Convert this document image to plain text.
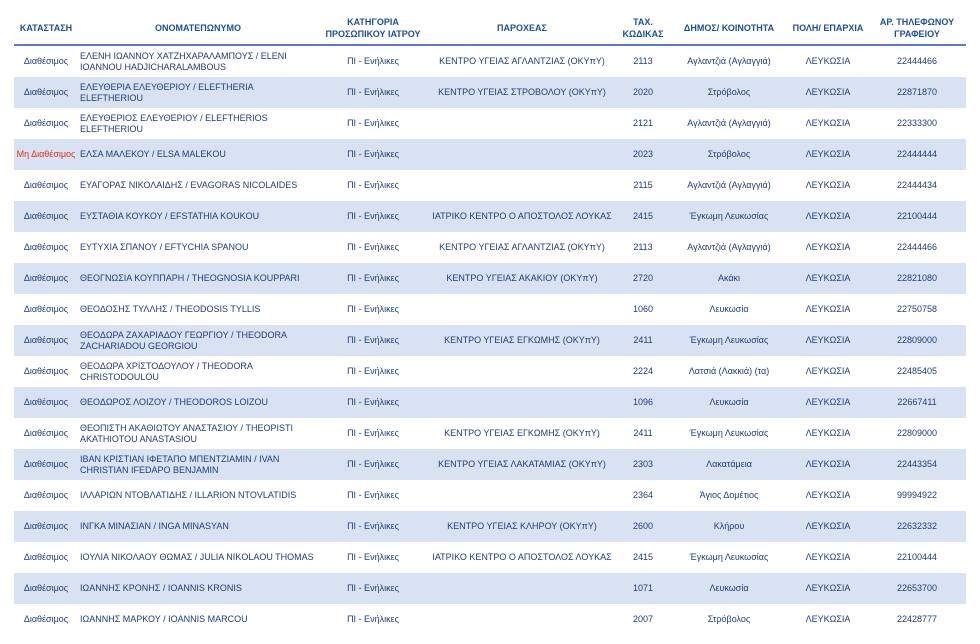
ΚΑΤΑΣΤΑΣΗ	ΟΝΟΜΑΤΕΠΩΝΥΜΟ	ΚΑΤΗΓΟΡΙΑ ΠΡΟΣΩΠΙΚΟΥ ΙΑΤΡΟΥ	ΠΑΡΟΧΕΑΣ	ΤΑΧ. ΚΩΔΙΚΑΣ	ΔΗΜΟΣ/ ΚΟΙΝΟΤΗΤΑ	ΠΟΛΗ/ ΕΠΑΡΧΙΑ	ΑΡ. ΤΗΛΕΦΩΝΟΥ ΓΡΑΦΕΙΟΥ
Διαθέσιμος	ΕΛΕΝΗ ΙΩΑΝΝΟΥ ΧΑΤΖΗΧΑΡΑΛΑΜΠΟΥΣ / ELENI IOANNOU HADJICHARALAMBOUS	ΠΙ - Ενήλικες	ΚΕΝΤΡΟ ΥΓΕΙΑΣ ΑΓΛΑΝΤΖΙΑΣ (ΟΚΥπΥ)	2113	Αγλαντζιά (Αγλαγγιά)	ΛΕΥΚΩΣΙΑ	22444466
Διαθέσιμος	ΕΛΕΥΘΕΡΙΑ ΕΛΕΥΘΕΡΙΟΥ / ELEFTHERIA ELEFTHERIOU	ΠΙ - Ενήλικες	ΚΕΝΤΡΟ ΥΓΕΙΑΣ ΣΤΡΟΒΟΛΟΥ (ΟΚΥπΥ)	2020	Στρόβολος	ΛΕΥΚΩΣΙΑ	22871870
Διαθέσιμος	ΕΛΕΥΘΕΡΙΟΣ ΕΛΕΥΘΕΡΙΟΥ / ELEFTHERIOS ELEFTHERIOU	ΠΙ - Ενήλικες		2121	Αγλαντζιά (Αγλαγγιά)	ΛΕΥΚΩΣΙΑ	22333300
Μη Διαθέσιμος	ΕΛΣΑ ΜΑΛΕΚΟΥ / ELSA MALEKOU	ΠΙ - Ενήλικες		2023	Στρόβολος	ΛΕΥΚΩΣΙΑ	22444444
Διαθέσιμος	ΕΥΑΓΟΡΑΣ ΝΙΚΟΛΑΙΔΗΣ / EVAGORAS NICOLAIDES	ΠΙ - Ενήλικες		2115	Αγλαντζιά (Αγλαγγιά)	ΛΕΥΚΩΣΙΑ	22444434
Διαθέσιμος	ΕΥΣΤΑΘΙΑ ΚΟΥΚΟΥ / EFSTATHIA KOUKOU	ΠΙ - Ενήλικες	ΙΑΤΡΙΚΟ ΚΕΝΤΡΟ Ο ΑΠΟΣΤΟΛΟΣ ΛΟΥΚΑΣ	2415	Έγκωμη Λευκωσίας	ΛΕΥΚΩΣΙΑ	22100444
Διαθέσιμος	ΕΥΤΥΧΙΑ ΣΠΑΝΟΥ / EFTYCHIA SPANOU	ΠΙ - Ενήλικες	ΚΕΝΤΡΟ ΥΓΕΙΑΣ ΑΓΛΑΝΤΖΙΑΣ (ΟΚΥπΥ)	2113	Αγλαντζιά (Αγλαγγιά)	ΛΕΥΚΩΣΙΑ	22444466
Διαθέσιμος	ΘΕΟΓΝΩΣΙΑ ΚΟΥΠΠΑΡΗ / THEOGNOSIA KOUPPARI	ΠΙ - Ενήλικες	ΚΕΝΤΡΟ ΥΓΕΙΑΣ ΑΚΑΚΙΟΥ (ΟΚΥπΥ)	2720	Ακάκι	ΛΕΥΚΩΣΙΑ	22821080
Διαθέσιμος	ΘΕΟΔΟΣΗΣ ΤΥΛΛΗΣ / THEODOSIS TYLLIS	ΠΙ - Ενήλικες		1060	Λευκωσία	ΛΕΥΚΩΣΙΑ	22750758
Διαθέσιμος	ΘΕΟΔΩΡΑ ΖΑΧΑΡΙΑΔΟΥ ΓΕΩΡΓΙΟΥ / THEODORA ZACHARIADOU GEORGIOU	ΠΙ - Ενήλικες	ΚΕΝΤΡΟ ΥΓΕΙΑΣ ΕΓΚΩΜΗΣ (ΟΚΥπΥ)	2411	Έγκωμη Λευκωσίας	ΛΕΥΚΩΣΙΑ	22809000
Διαθέσιμος	ΘΕΟΔΩΡΑ ΧΡΙΣΤΟΔΟΥΛΟΥ / THEODORA CHRISTODOULOU	ΠΙ - Ενήλικες		2224	Λατσιά (Λακκιά) (τα)	ΛΕΥΚΩΣΙΑ	22485405
Διαθέσιμος	ΘΕΟΔΩΡΟΣ ΛΟΙΖΟΥ / THEODOROS LOIZOU	ΠΙ - Ενήλικες		1096	Λευκωσία	ΛΕΥΚΩΣΙΑ	22667411
Διαθέσιμος	ΘΕΟΠΙΣΤΗ ΑΚΑΘΙΩΤΟΥ ΑΝΑΣΤΑΣΙΟΥ / THEOPISTI AKATHIOTOU ANASTASIOU	ΠΙ - Ενήλικες	ΚΕΝΤΡΟ ΥΓΕΙΑΣ ΕΓΚΩΜΗΣ (ΟΚΥπΥ)	2411	Έγκωμη Λευκωσίας	ΛΕΥΚΩΣΙΑ	22809000
Διαθέσιμος	ΙΒΑΝ ΚΡΙΣΤΙΑΝ ΙΦΕΤΑΠΟ ΜΠΕΝΤΖΙΑΜΙΝ / IVAN CHRISTIAN IFEDAPO BENJAMIN	ΠΙ - Ενήλικες	ΚΕΝΤΡΟ ΥΓΕΙΑΣ ΛΑΚΑΤΑΜΙΑΣ (ΟΚΥπΥ)	2303	Λακατάμεια	ΛΕΥΚΩΣΙΑ	22443354
Διαθέσιμος	ΙΛΛΑΡΙΩΝ ΝΤΟΒΛΑΤΙΔΗΣ / ILLARION NTOVLATIDIS	ΠΙ - Ενήλικες		2364	Άγιος Δομέτιος	ΛΕΥΚΩΣΙΑ	99994922
Διαθέσιμος	ΙΝΓΚΑ ΜΙΝΑΣΙΑΝ / INGA MINASYAN	ΠΙ - Ενήλικες	ΚΕΝΤΡΟ ΥΓΕΙΑΣ ΚΛΗΡΟΥ (ΟΚΥπΥ)	2600	Κλήρου	ΛΕΥΚΩΣΙΑ	22632332
Διαθέσιμος	ΙΟΥΛΙΑ ΝΙΚΟΛΑΟΥ ΘΩΜΑΣ / JULIA NIKOLAOU THOMAS	ΠΙ - Ενήλικες	ΙΑΤΡΙΚΟ ΚΕΝΤΡΟ Ο ΑΠΟΣΤΟΛΟΣ ΛΟΥΚΑΣ	2415	Έγκωμη Λευκωσίας	ΛΕΥΚΩΣΙΑ	22100444
Διαθέσιμος	ΙΩΑΝΝΗΣ ΚΡΟΝΗΣ / IOANNIS KRONIS	ΠΙ - Ενήλικες		1071	Λευκωσία	ΛΕΥΚΩΣΙΑ	22653700
Διαθέσιμος	ΙΩΑΝΝΗΣ ΜΑΡΚΟΥ / IOANNIS MARCOU	ΠΙ - Ενήλικες		2007	Στρόβολος	ΛΕΥΚΩΣΙΑ	22428777
